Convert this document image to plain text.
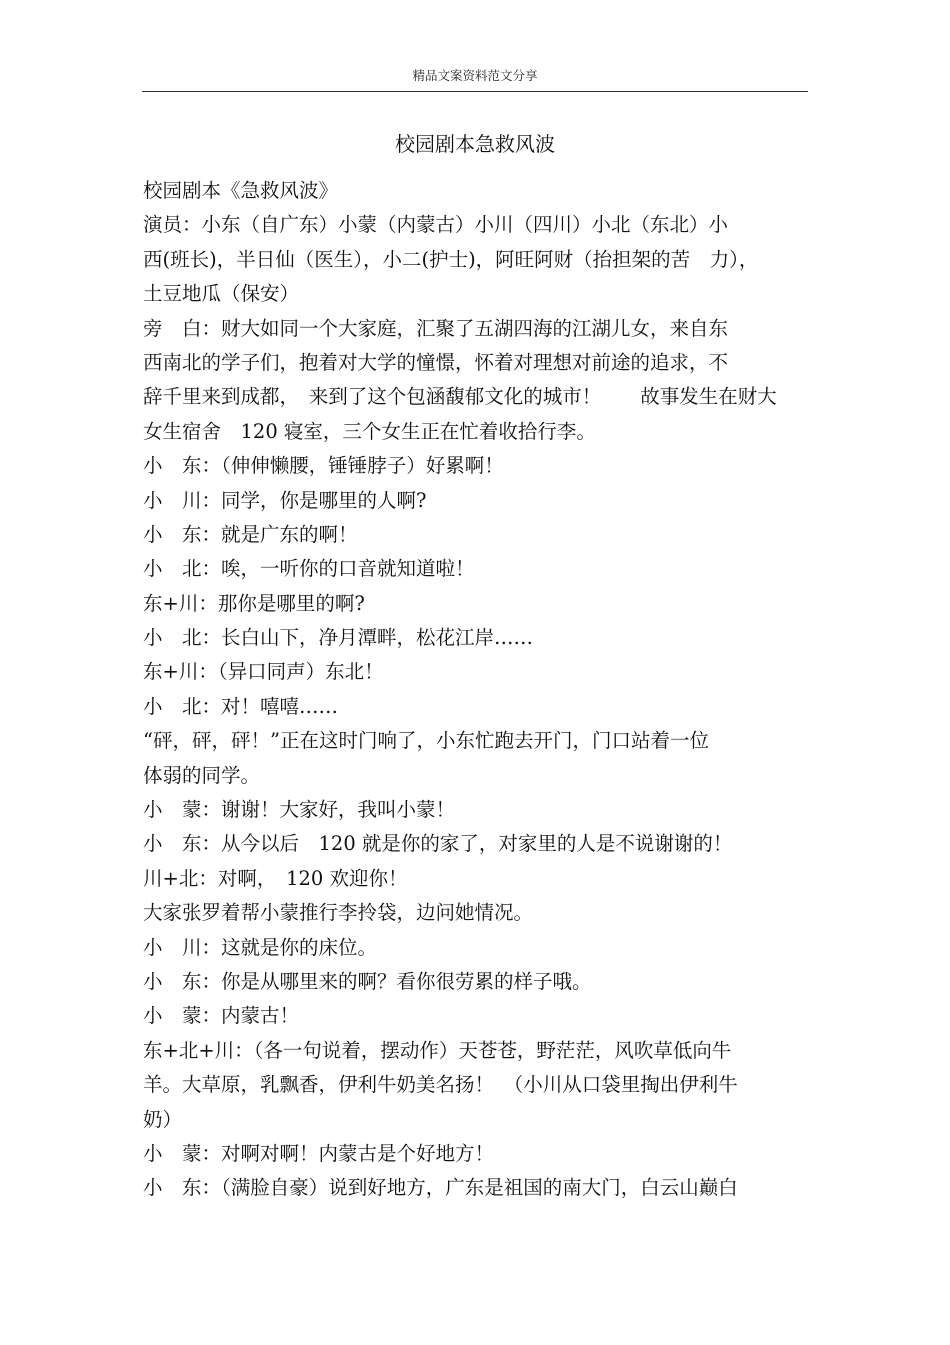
精品文案资料范文分享
校园剧本急救风波
校园剧本《急救风波》
演员：小东（自广东）小蒙（内蒙古）小川（四川）小北（东北）小
西(班长)，半日仙（医生），小二(护士)，阿旺阿财（抬担架的苦　力），
土豆地瓜（保安）
旁　白：财大如同一个大家庭，汇聚了五湖四海的江湖儿女，来自东
西南北的学子们，抱着对大学的憧憬，怀着对理想对前途的追求，不
辞千里来到成都，　来到了这个包涵馥郁文化的城市！　　故事发生在财大
女生宿舍　120 寝室，三个女生正在忙着收拾行李。
小　东：（伸伸懒腰，锤锤脖子）好累啊！
小　川：同学，你是哪里的人啊?
小　东：就是广东的啊！
小　北：唉，一听你的口音就知道啦！
东+川：那你是哪里的啊?
小　北：长白山下，净月潭畔，松花江岸……
东+川：（异口同声）东北！
小　北：对！嘻嘻……
“砰，砰，砰！”正在这时门响了，小东忙跑去开门，门口站着一位
体弱的同学。
小　蒙：谢谢！大家好，我叫小蒙！
小　东：从今以后　120 就是你的家了，对家里的人是不说谢谢的！
川+北：对啊，　120 欢迎你！
大家张罗着帮小蒙推行李拎袋，边问她情况。
小　川：这就是你的床位。
小　东：你是从哪里来的啊？看你很劳累的样子哦。
小　蒙：内蒙古！
东+北+川：（各一句说着，摆动作）天苍苍，野茫茫，风吹草低向牛
羊。大草原，乳飘香，伊利牛奶美名扬！　（小川从口袋里掏出伊利牛
奶）
小　蒙：对啊对啊！内蒙古是个好地方！
小　东：（满脸自豪）说到好地方，广东是祖国的南大门，白云山巅白
